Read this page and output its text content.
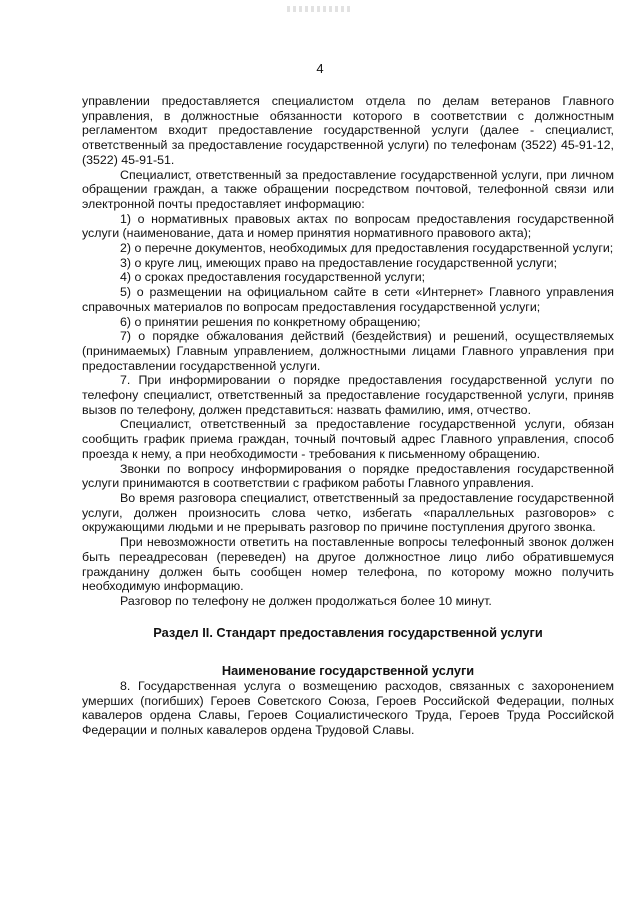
4

управлении предоставляется специалистом отдела по делам ветеранов Главного управления, в должностные обязанности которого в соответствии с должностным регламентом входит предоставление государственной услуги (далее - специалист, ответственный за предоставление государственной услуги) по телефонам (3522) 45-91-12, (3522) 45-91-51.

Специалист, ответственный за предоставление государственной услуги, при личном обращении граждан, а также обращении посредством почтовой, телефонной связи или электронной почты предоставляет информацию:

1) о нормативных правовых актах по вопросам предоставления государственной услуги (наименование, дата и номер принятия нормативного правового акта);

2) о перечне документов, необходимых для предоставления государственной услуги;

3) о круге лиц, имеющих право на предоставление государственной услуги;

4) о сроках предоставления государственной услуги;

5) о размещении на официальном сайте в сети «Интернет» Главного управления справочных материалов по вопросам предоставления государственной услуги;

6) о принятии решения по конкретному обращению;

7) о порядке обжалования действий (бездействия) и решений, осуществляемых (принимаемых) Главным управлением, должностными лицами Главного управления при предоставлении государственной услуги.

7. При информировании о порядке предоставления государственной услуги по телефону специалист, ответственный за предоставление государственной услуги, приняв вызов по телефону, должен представиться: назвать фамилию, имя, отчество.

Специалист, ответственный за предоставление государственной услуги, обязан сообщить график приема граждан, точный почтовый адрес Главного управления, способ проезда к нему, а при необходимости - требования к письменному обращению.

Звонки по вопросу информирования о порядке предоставления государственной услуги принимаются в соответствии с графиком работы Главного управления.

Во время разговора специалист, ответственный за предоставление государственной услуги, должен произносить слова четко, избегать «параллельных разговоров» с окружающими людьми и не прерывать разговор по причине поступления другого звонка.

При невозможности ответить на поставленные вопросы телефонный звонок должен быть переадресован (переведен) на другое должностное лицо либо обратившемуся гражданину должен быть сообщен номер телефона, по которому можно получить необходимую информацию.

Разговор по телефону не должен продолжаться более 10 минут.

Раздел II. Стандарт предоставления государственной услуги

Наименование государственной услуги

8. Государственная услуга о возмещению расходов, связанных с захоронением умерших (погибших) Героев Советского Союза, Героев Российской Федерации, полных кавалеров ордена Славы, Героев Социалистического Труда, Героев Труда Российской Федерации и полных кавалеров ордена Трудовой Славы.
